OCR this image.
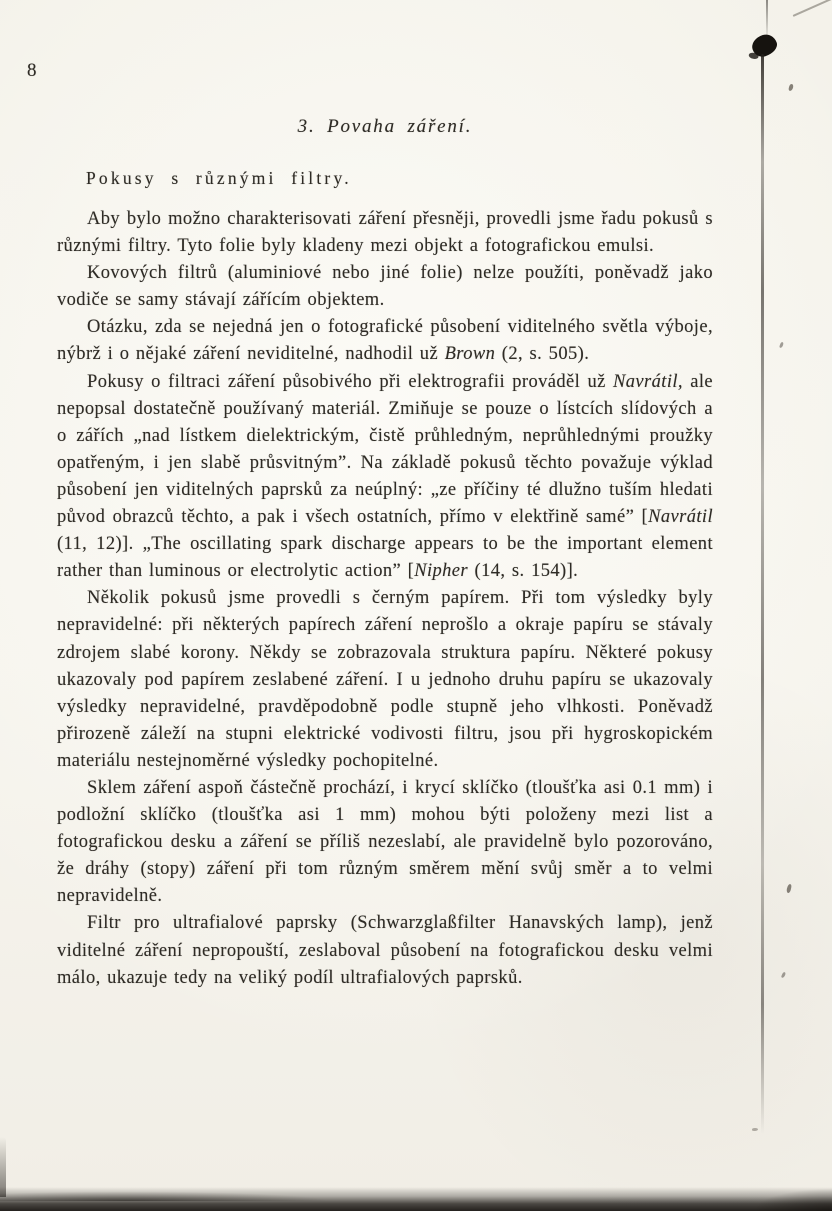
8
3. Povaha záření.
Pokusy s různými filtry.

Aby bylo možno charakterisovati záření přesněji, provedli jsme řadu pokusů s různými filtry. Tyto folie byly kladeny mezi objekt a fotografickou emulsi.

Kovových filtrů (aluminiové nebo jiné folie) nelze použíti, poněvadž jako vodiče se samy stávají zářícím objektem.

Otázku, zda se nejedná jen o fotografické působení viditelného světla výboje, nýbrž i o nějaké záření neviditelné, nadhodil už Brown (2, s. 505).

Pokusy o filtraci záření působivého při elektrografii prováděl už Navrátil, ale nepopsal dostatečně používaný materiál. Zmiňuje se pouze o lístcích slídových a o zářích „nad lístkem dielektrickým, čistě průhledným, neprůhlednými proužky opatřeným, i jen slabě průsvitným”. Na základě pokusů těchto považuje výklad působení jen viditelných paprsků za neúplný: „ze příčiny té dlužno tuším hledati původ obrazců těchto, a pak i všech ostatních, přímo v elektřině samé” [Navrátil (11, 12)]. „The oscillating spark discharge appears to be the important element rather than luminous or electrolytic action” [Nipher (14, s. 154)].

Několik pokusů jsme provedli s černým papírem. Při tom výsledky byly nepravidelné: při některých papírech záření neprošlo a okraje papíru se stávaly zdrojem slabé korony. Někdy se zobrazovala struktura papíru. Některé pokusy ukazovaly pod papírem zeslabené záření. I u jednoho druhu papíru se ukazovaly výsledky nepravidelné, pravděpodobně podle stupně jeho vlhkosti. Poněvadž přirozeně záleží na stupni elektrické vodivosti filtru, jsou při hygroskopickém materiálu nestejnoměrné výsledky pochopitelné.

Sklem záření aspoň částečně prochází, i krycí sklíčko (tloušťka asi 0.1 mm) i podložní sklíčko (tloušťka asi 1 mm) mohou býti položeny mezi list a fotografickou desku a záření se příliš nezeslabí, ale pravidelně bylo pozorováno, že dráhy (stopy) záření při tom různým směrem mění svůj směr a to velmi nepravidelně.

Filtr pro ultrafialové paprsky (Schwarzglaßfilter Hanavských lamp), jenž viditelné záření nepropouští, zeslaboval působení na fotografickou desku velmi málo, ukazuje tedy na veliký podíl ultrafialových paprsků.
